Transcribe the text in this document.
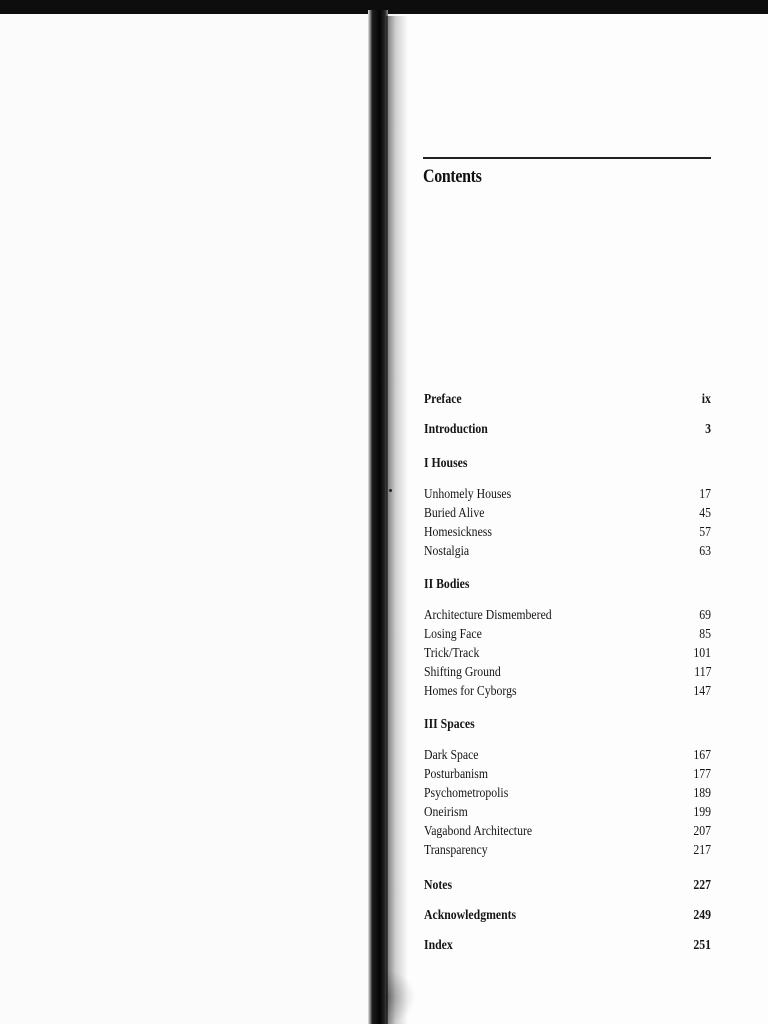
Contents
Preface	ix
Introduction	3
I Houses
Unhomely Houses	17
Buried Alive	45
Homesickness	57
Nostalgia	63
II Bodies
Architecture Dismembered	69
Losing Face	85
Trick/Track	101
Shifting Ground	117
Homes for Cyborgs	147
III Spaces
Dark Space	167
Posturbanism	177
Psychometropolis	189
Oneirism	199
Vagabond Architecture	207
Transparency	217
Notes	227
Acknowledgments	249
Index	251
